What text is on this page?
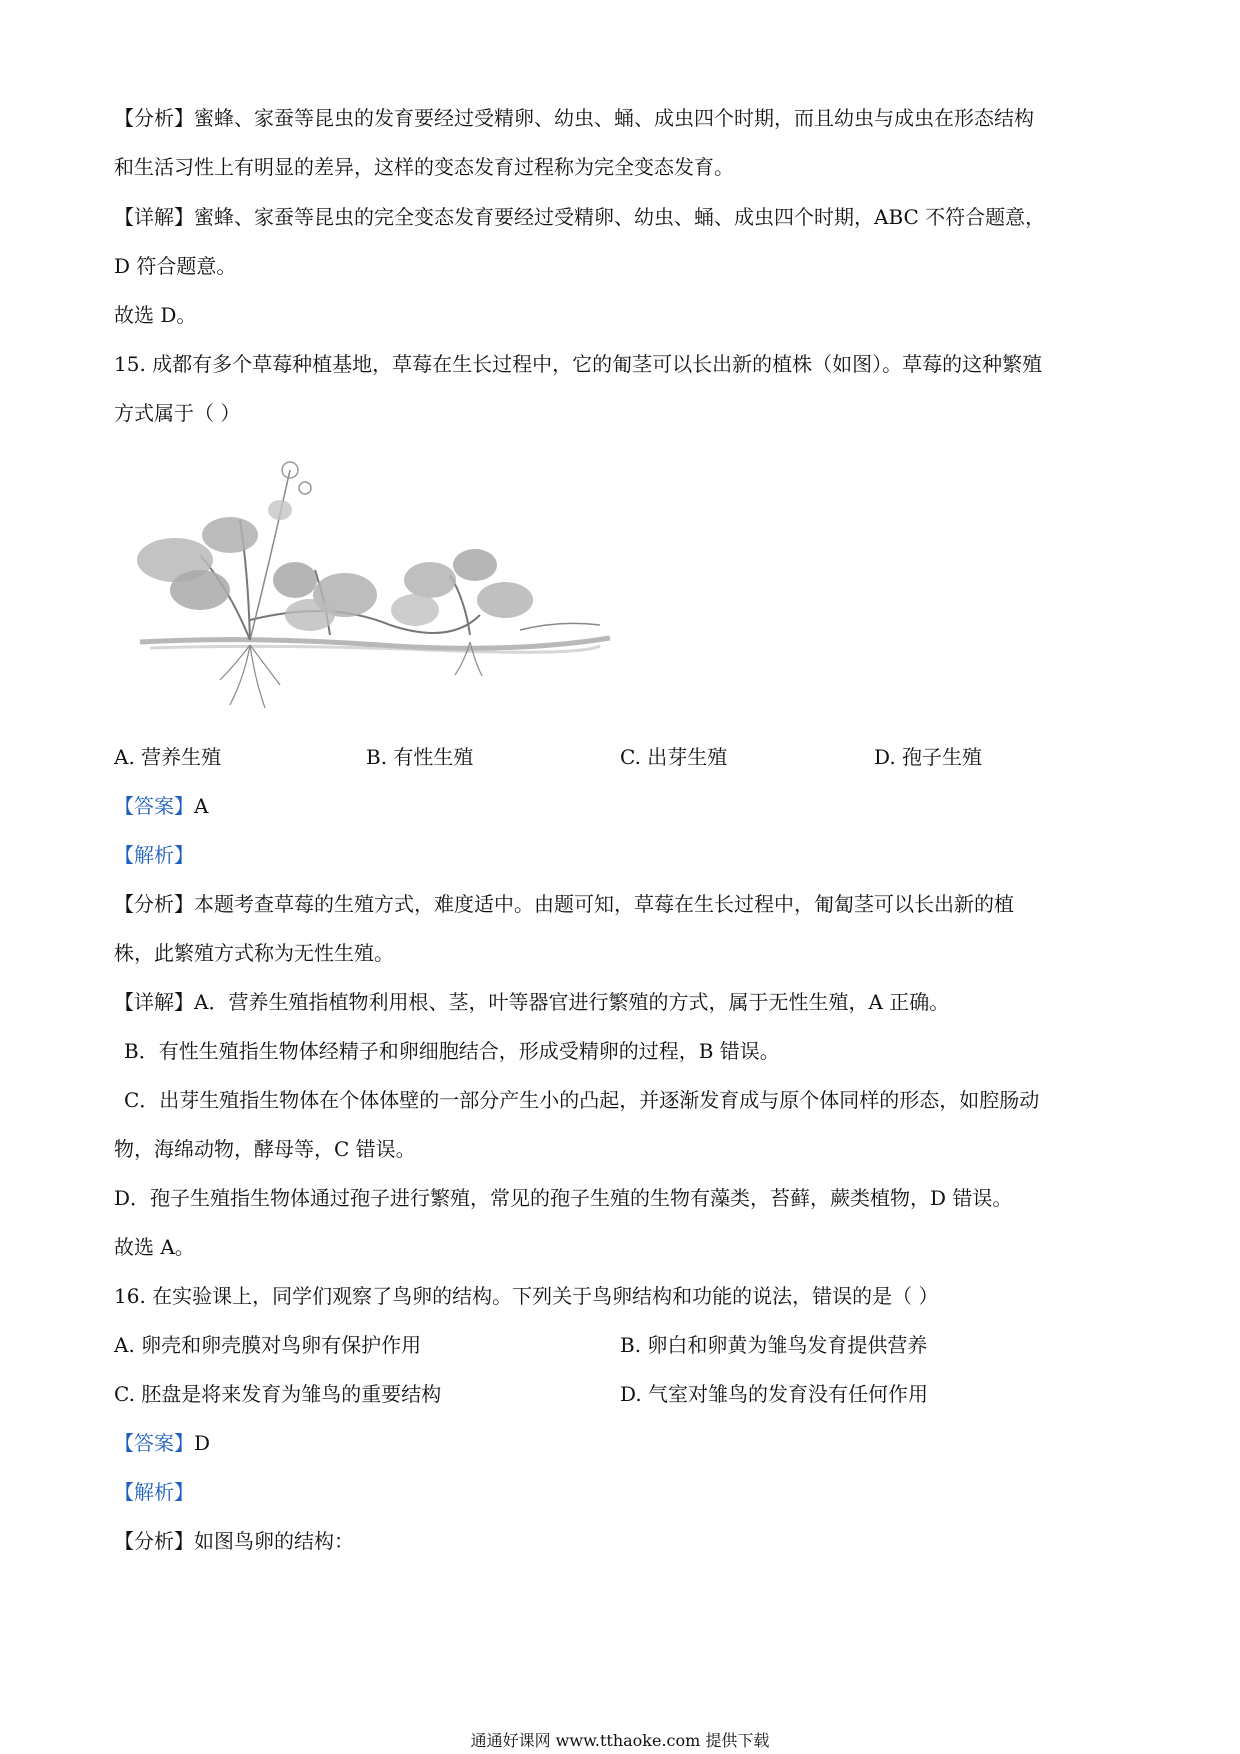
【分析】蜜蜂、家蚕等昆虫的发育要经过受精卵、幼虫、蛹、成虫四个时期，而且幼虫与成虫在形态结构
和生活习性上有明显的差异，这样的变态发育过程称为完全变态发育。
【详解】蜜蜂、家蚕等昆虫的完全变态发育要经过受精卵、幼虫、蛹、成虫四个时期，ABC 不符合题意，
D 符合题意。
故选 D。
15. 成都有多个草莓种植基地，草莓在生长过程中，它的匍茎可以长出新的植株（如图）。草莓的这种繁殖
方式属于（ ）
A. 营养生殖	B. 有性生殖	C. 出芽生殖	D. 孢子生殖
【答案】A
【解析】
【分析】本题考查草莓的生殖方式，难度适中。由题可知，草莓在生长过程中，匍匐茎可以长出新的植
株，此繁殖方式称为无性生殖。
【详解】A．营养生殖指植物利用根、茎，叶等器官进行繁殖的方式，属于无性生殖，A 正确。
B．有性生殖指生物体经精子和卵细胞结合，形成受精卵的过程，B 错误。
C．出芽生殖指生物体在个体体壁的一部分产生小的凸起，并逐渐发育成与原个体同样的形态，如腔肠动
物，海绵动物，酵母等，C 错误。
D．孢子生殖指生物体通过孢子进行繁殖，常见的孢子生殖的生物有藻类，苔藓，蕨类植物，D 错误。
故选 A。
16. 在实验课上，同学们观察了鸟卵的结构。下列关于鸟卵结构和功能的说法，错误的是（ ）
A. 卵壳和卵壳膜对鸟卵有保护作用	B. 卵白和卵黄为雏鸟发育提供营养
C. 胚盘是将来发育为雏鸟的重要结构	D. 气室对雏鸟的发育没有任何作用
【答案】D
【解析】
【分析】如图鸟卵的结构：
通通好课网 www.tthaoke.com 提供下载
